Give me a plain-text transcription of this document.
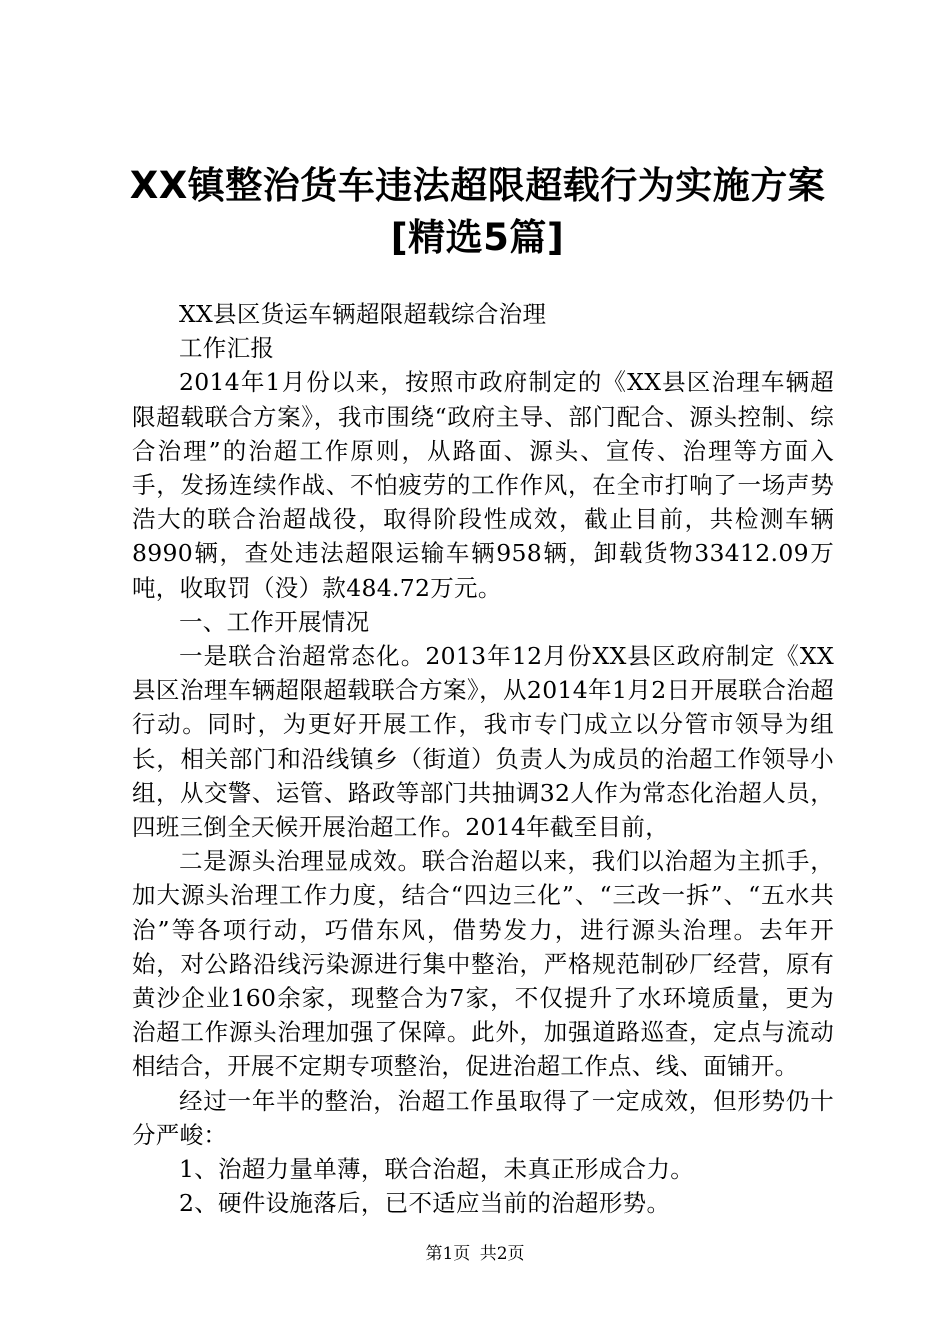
XX镇整治货车违法超限超载行为实施方案[精选5篇]

XX县区货运车辆超限超载综合治理

工作汇报

2014年1月份以来，按照市政府制定的《XX县区治理车辆超限超载联合方案》，我市围绕“政府主导、部门配合、源头控制、综合治理”的治超工作原则，从路面、源头、宣传、治理等方面入手，发扬连续作战、不怕疲劳的工作作风，在全市打响了一场声势浩大的联合治超战役，取得阶段性成效，截止目前，共检测车辆8990辆，查处违法超限运输车辆958辆，卸载货物33412.09万吨，收取罚（没）款484.72万元。

一、工作开展情况

一是联合治超常态化。2013年12月份XX县区政府制定《XX县区治理车辆超限超载联合方案》，从2014年1月2日开展联合治超行动。同时，为更好开展工作，我市专门成立以分管市领导为组长，相关部门和沿线镇乡（街道）负责人为成员的治超工作领导小组，从交警、运管、路政等部门共抽调32人作为常态化治超人员，四班三倒全天候开展治超工作。2014年截至目前，

二是源头治理显成效。联合治超以来，我们以治超为主抓手，加大源头治理工作力度，结合“四边三化”、“三改一拆”、“五水共治”等各项行动，巧借东风，借势发力，进行源头治理。去年开始，对公路沿线污染源进行集中整治，严格规范制砂厂经营，原有黄沙企业160余家，现整合为7家，不仅提升了水环境质量，更为治超工作源头治理加强了保障。此外，加强道路巡查，定点与流动相结合，开展不定期专项整治，促进治超工作点、线、面铺开。

经过一年半的整治，治超工作虽取得了一定成效，但形势仍十分严峻：

1、治超力量单薄，联合治超，未真正形成合力。

2、硬件设施落后，已不适应当前的治超形势。

第1页 共2页
